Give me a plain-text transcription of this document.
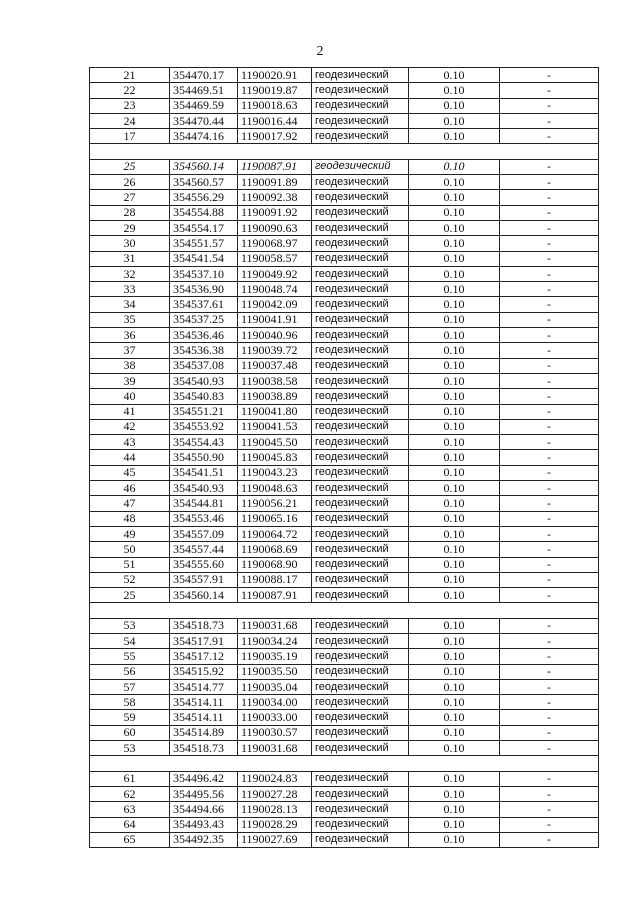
2
21	354470.17	1190020.91	геодезический	0.10	-
22	354469.51	1190019.87	геодезический	0.10	-
23	354469.59	1190018.63	геодезический	0.10	-
24	354470.44	1190016.44	геодезический	0.10	-
17	354474.16	1190017.92	геодезический	0.10	-

25	354560.14	1190087.91	геодезический	0.10	-
26	354560.57	1190091.89	геодезический	0.10	-
27	354556.29	1190092.38	геодезический	0.10	-
28	354554.88	1190091.92	геодезический	0.10	-
29	354554.17	1190090.63	геодезический	0.10	-
30	354551.57	1190068.97	геодезический	0.10	-
31	354541.54	1190058.57	геодезический	0.10	-
32	354537.10	1190049.92	геодезический	0.10	-
33	354536.90	1190048.74	геодезический	0.10	-
34	354537.61	1190042.09	геодезический	0.10	-
35	354537.25	1190041.91	геодезический	0.10	-
36	354536.46	1190040.96	геодезический	0.10	-
37	354536.38	1190039.72	геодезический	0.10	-
38	354537.08	1190037.48	геодезический	0.10	-
39	354540.93	1190038.58	геодезический	0.10	-
40	354540.83	1190038.89	геодезический	0.10	-
41	354551.21	1190041.80	геодезический	0.10	-
42	354553.92	1190041.53	геодезический	0.10	-
43	354554.43	1190045.50	геодезический	0.10	-
44	354550.90	1190045.83	геодезический	0.10	-
45	354541.51	1190043.23	геодезический	0.10	-
46	354540.93	1190048.63	геодезический	0.10	-
47	354544.81	1190056.21	геодезический	0.10	-
48	354553.46	1190065.16	геодезический	0.10	-
49	354557.09	1190064.72	геодезический	0.10	-
50	354557.44	1190068.69	геодезический	0.10	-
51	354555.60	1190068.90	геодезический	0.10	-
52	354557.91	1190088.17	геодезический	0.10	-
25	354560.14	1190087.91	геодезический	0.10	-

53	354518.73	1190031.68	геодезический	0.10	-
54	354517.91	1190034.24	геодезический	0.10	-
55	354517.12	1190035.19	геодезический	0.10	-
56	354515.92	1190035.50	геодезический	0.10	-
57	354514.77	1190035.04	геодезический	0.10	-
58	354514.11	1190034.00	геодезический	0.10	-
59	354514.11	1190033.00	геодезический	0.10	-
60	354514.89	1190030.57	геодезический	0.10	-
53	354518.73	1190031.68	геодезический	0.10	-

61	354496.42	1190024.83	геодезический	0.10	-
62	354495.56	1190027.28	геодезический	0.10	-
63	354494.66	1190028.13	геодезический	0.10	-
64	354493.43	1190028.29	геодезический	0.10	-
65	354492.35	1190027.69	геодезический	0.10	-
